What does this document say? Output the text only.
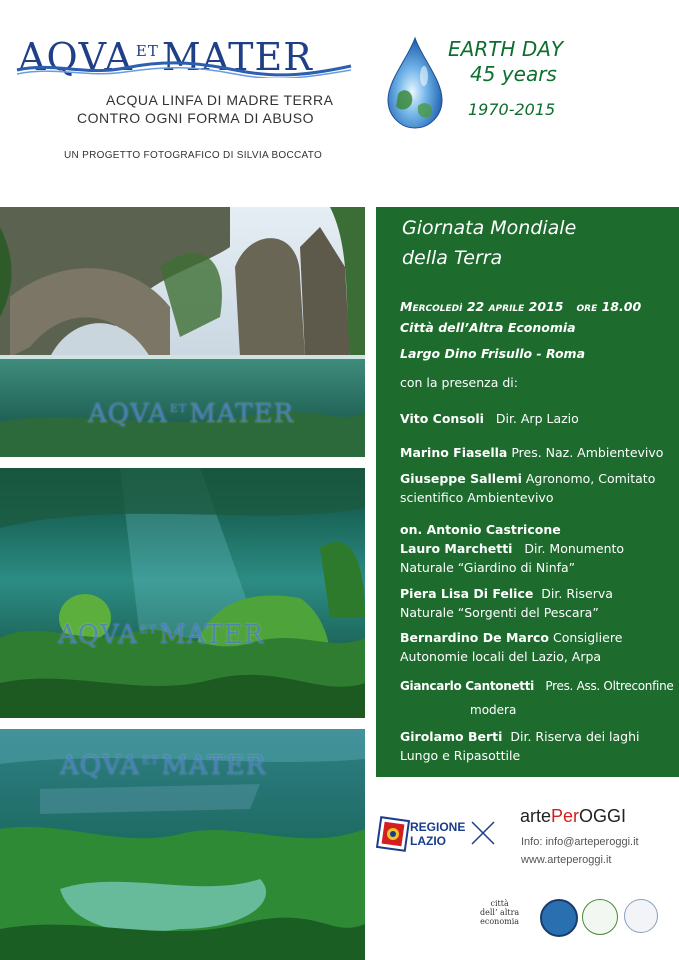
AQVA $^{ET}$MATER
ACQUA LINFA DI MADRE TERRA
CONTRO OGNI FORMA DI ABUSO
UN PROGETTO FOTOGRAFICO DI SILVIA BOCCATO
EARTH DAY
45 years
1970-2015
AQVA $^{ET}$MATER
AQVA $^{ET}$MATER
AQVA $^{ET}$MATER
Giornata Mondiale
della Terra
Mercoledì 22 aprile 2015 ore 18.00
Città dell’Altra Economia
Largo Dino Frisullo - Roma
con la presenza di:
Vito Consoli Dir. Arp Lazio
Marino Fiasella Pres. Naz. Ambientevivo
Giuseppe Sallemi Agronomo, Comitato
scientifico Ambientevivo
on. Antonio Castricone
Lauro Marchetti Dir. Monumento
Naturale “Giardino di Ninfa”
Piera Lisa Di Felice Dir. Riserva
Naturale “Sorgenti del Pescara”
Bernardino De Marco Consigliere
Autonomie locali del Lazio, Arpa
Giancarlo Cantonetti Pres. Ass. Oltreconfine
modera
Girolamo Berti Dir. Riserva dei laghi
Lungo e Ripasottile
REGIONE
LAZIO
artePerOGGI
Info: info@arteperoggi.it
www.arteperoggi.it
città
dell’ altra
economia
